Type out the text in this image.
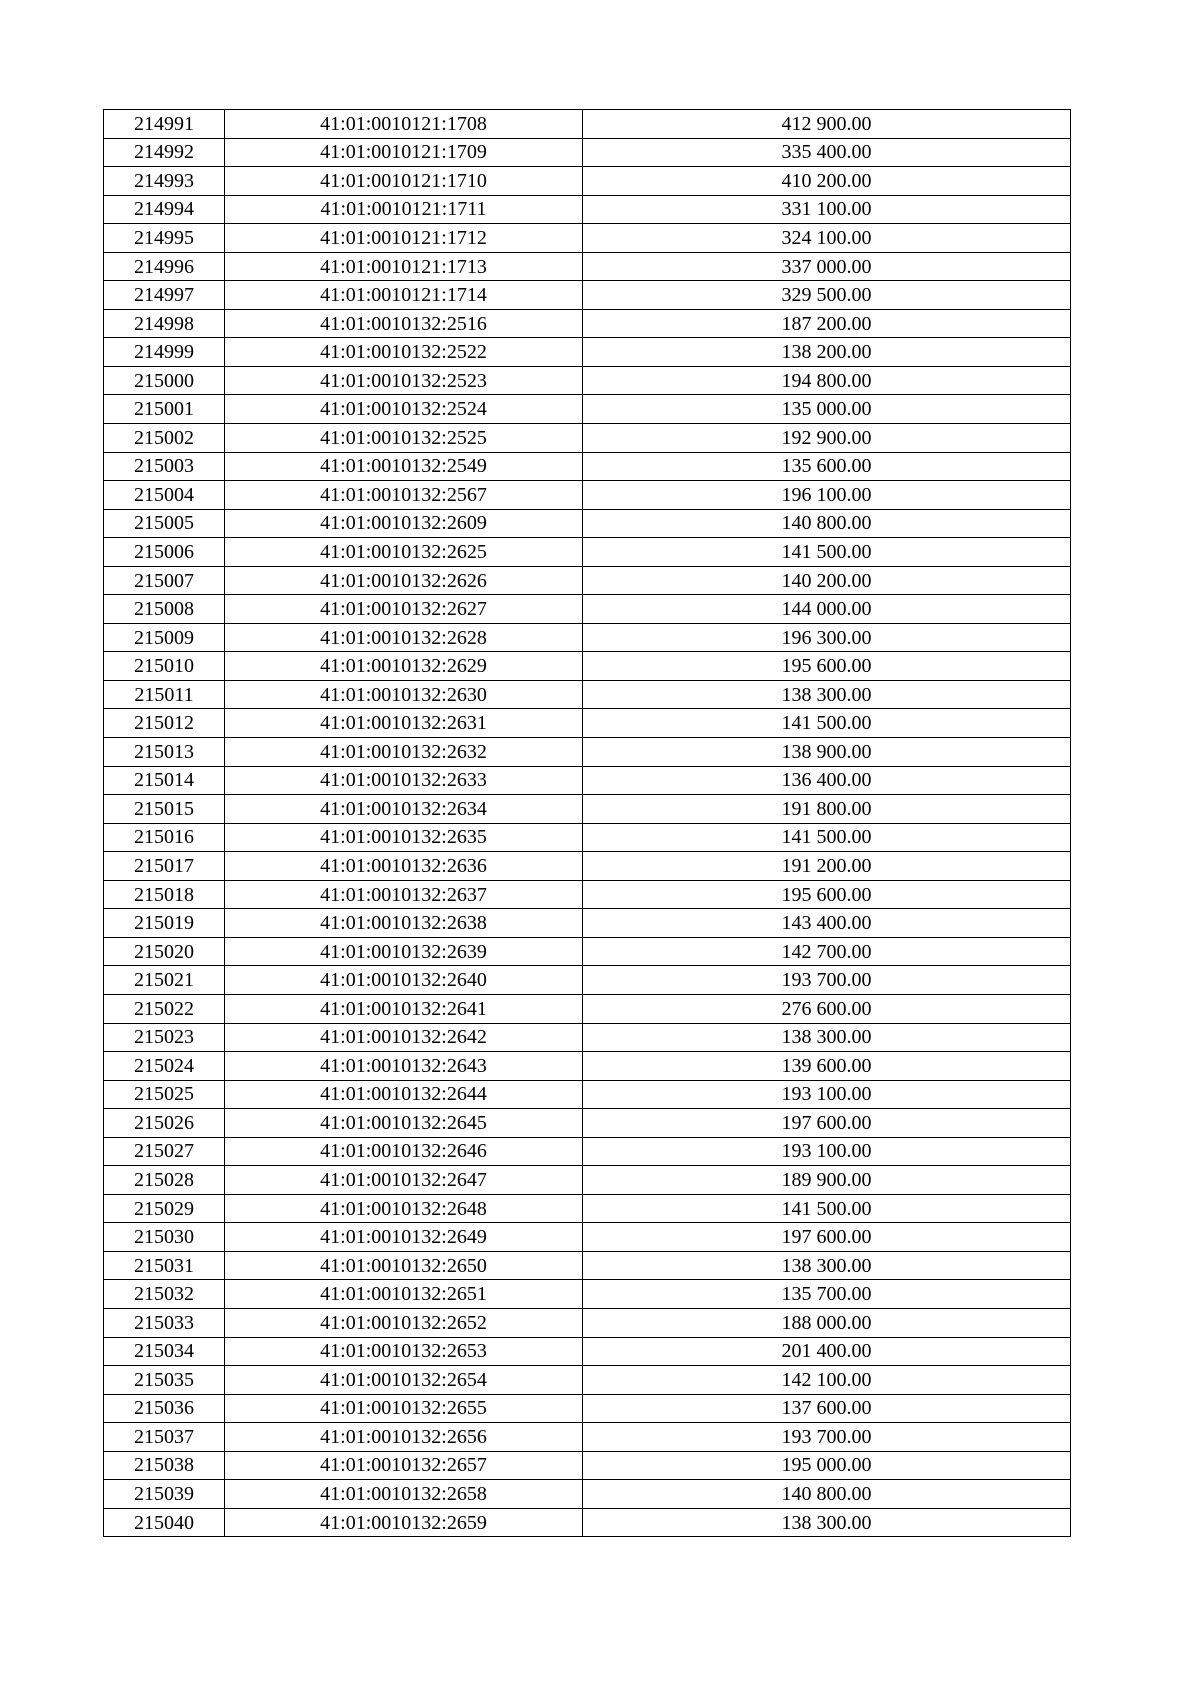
214991	41:01:0010121:1708	412 900.00
214992	41:01:0010121:1709	335 400.00
214993	41:01:0010121:1710	410 200.00
214994	41:01:0010121:1711	331 100.00
214995	41:01:0010121:1712	324 100.00
214996	41:01:0010121:1713	337 000.00
214997	41:01:0010121:1714	329 500.00
214998	41:01:0010132:2516	187 200.00
214999	41:01:0010132:2522	138 200.00
215000	41:01:0010132:2523	194 800.00
215001	41:01:0010132:2524	135 000.00
215002	41:01:0010132:2525	192 900.00
215003	41:01:0010132:2549	135 600.00
215004	41:01:0010132:2567	196 100.00
215005	41:01:0010132:2609	140 800.00
215006	41:01:0010132:2625	141 500.00
215007	41:01:0010132:2626	140 200.00
215008	41:01:0010132:2627	144 000.00
215009	41:01:0010132:2628	196 300.00
215010	41:01:0010132:2629	195 600.00
215011	41:01:0010132:2630	138 300.00
215012	41:01:0010132:2631	141 500.00
215013	41:01:0010132:2632	138 900.00
215014	41:01:0010132:2633	136 400.00
215015	41:01:0010132:2634	191 800.00
215016	41:01:0010132:2635	141 500.00
215017	41:01:0010132:2636	191 200.00
215018	41:01:0010132:2637	195 600.00
215019	41:01:0010132:2638	143 400.00
215020	41:01:0010132:2639	142 700.00
215021	41:01:0010132:2640	193 700.00
215022	41:01:0010132:2641	276 600.00
215023	41:01:0010132:2642	138 300.00
215024	41:01:0010132:2643	139 600.00
215025	41:01:0010132:2644	193 100.00
215026	41:01:0010132:2645	197 600.00
215027	41:01:0010132:2646	193 100.00
215028	41:01:0010132:2647	189 900.00
215029	41:01:0010132:2648	141 500.00
215030	41:01:0010132:2649	197 600.00
215031	41:01:0010132:2650	138 300.00
215032	41:01:0010132:2651	135 700.00
215033	41:01:0010132:2652	188 000.00
215034	41:01:0010132:2653	201 400.00
215035	41:01:0010132:2654	142 100.00
215036	41:01:0010132:2655	137 600.00
215037	41:01:0010132:2656	193 700.00
215038	41:01:0010132:2657	195 000.00
215039	41:01:0010132:2658	140 800.00
215040	41:01:0010132:2659	138 300.00
